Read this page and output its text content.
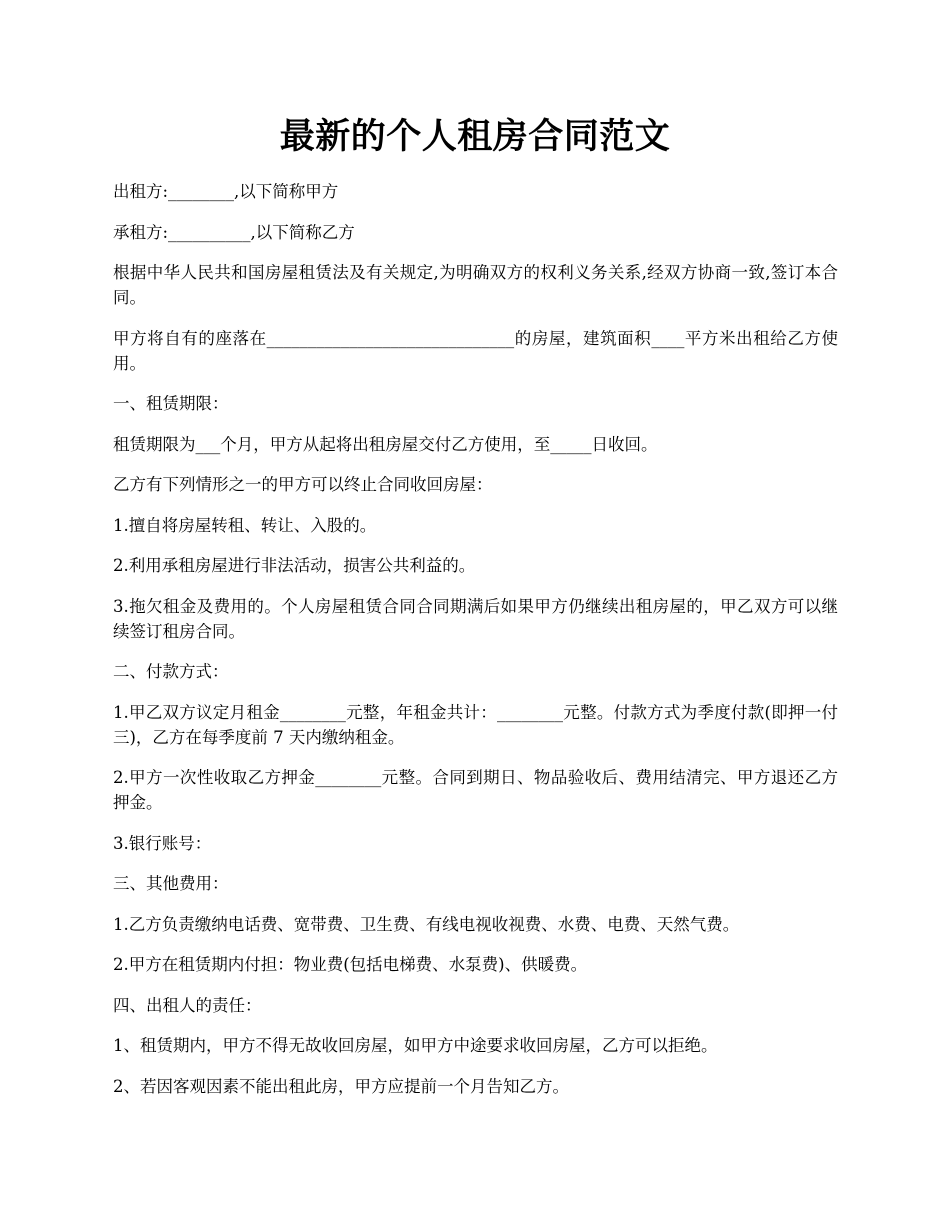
最新的个人租房合同范文

出租方:________,以下简称甲方

承租方:__________,以下简称乙方

根据中华人民共和国房屋租赁法及有关规定,为明确双方的权利义务关系,经双方协商一致,签订本合同。

甲方将自有的座落在______________________________的房屋，建筑面积____平方米出租给乙方使用。

一、租赁期限：

租赁期限为___个月，甲方从起将出租房屋交付乙方使用，至_____日收回。

乙方有下列情形之一的甲方可以终止合同收回房屋：

1.擅自将房屋转租、转让、入股的。

2.利用承租房屋进行非法活动，损害公共利益的。

3.拖欠租金及费用的。个人房屋租赁合同合同期满后如果甲方仍继续出租房屋的，甲乙双方可以继续签订租房合同。

二、付款方式：

1.甲乙双方议定月租金________元整，年租金共计：________元整。付款方式为季度付款(即押一付三)，乙方在每季度前 7 天内缴纳租金。

2.甲方一次性收取乙方押金________元整。合同到期日、物品验收后、费用结清完、甲方退还乙方押金。

3.银行账号：

三、其他费用：

1.乙方负责缴纳电话费、宽带费、卫生费、有线电视收视费、水费、电费、天然气费。

2.甲方在租赁期内付担：物业费(包括电梯费、水泵费)、供暖费。

四、出租人的责任：

1、租赁期内，甲方不得无故收回房屋，如甲方中途要求收回房屋，乙方可以拒绝。

2、若因客观因素不能出租此房，甲方应提前一个月告知乙方。
